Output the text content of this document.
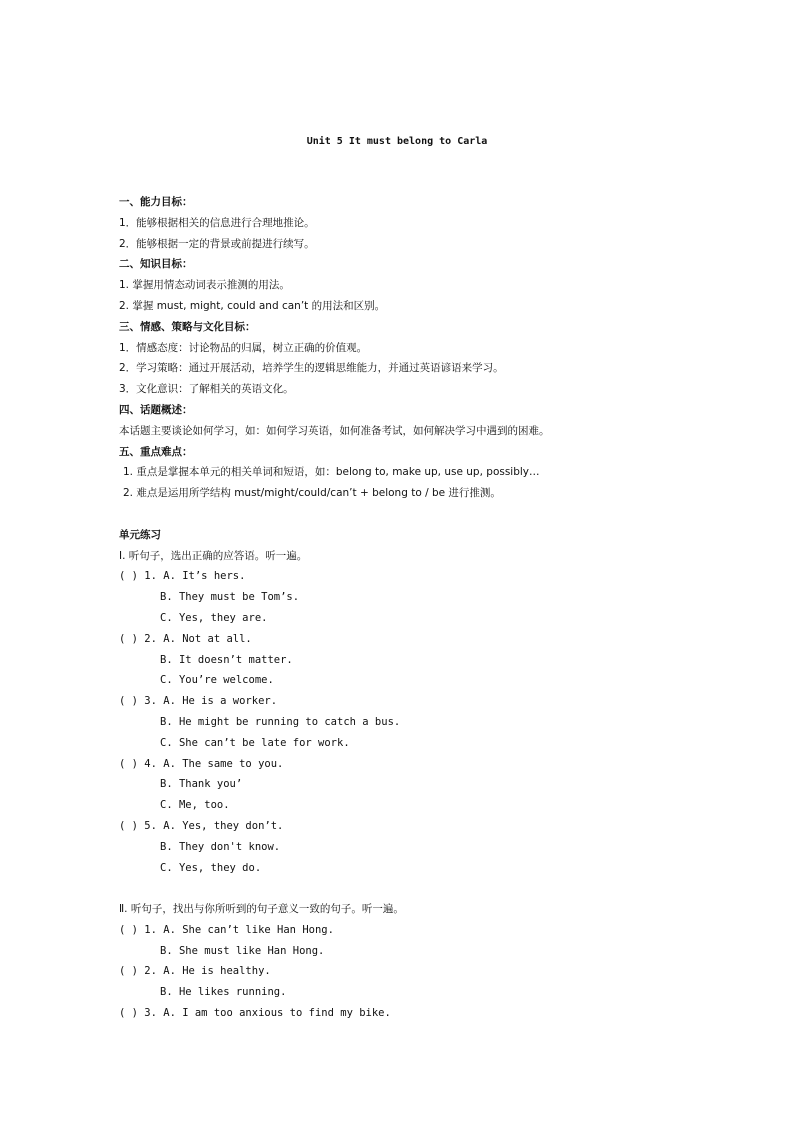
Unit 5 It must belong to Carla
一、能力目标：
1．能够根据相关的信息进行合理地推论。
2．能够根据一定的背景或前提进行续写。
二、知识目标：
1. 掌握用情态动词表示推测的用法。
2. 掌握 must, might, could and can’t 的用法和区别。
三、情感、策略与文化目标：
1．情感态度：讨论物品的归属，树立正确的价值观。
2．学习策略：通过开展活动，培养学生的逻辑思维能力，并通过英语谚语来学习。
3．文化意识：了解相关的英语文化。
四、话题概述：
本话题主要谈论如何学习，如：如何学习英语，如何准备考试，如何解决学习中遇到的困难。
五、重点难点：
1. 重点是掌握本单元的相关单词和短语，如：belong to, make up, use up, possibly…
2. 难点是运用所学结构 must/might/could/can’t + belong to / be 进行推测。
单元练习
Ⅰ. 听句子，选出正确的应答语。听一遍。
( ) 1. A. It’s hers.
B. They must be Tom’s.
C. Yes, they are.
( ) 2. A. Not at all.
B. It doesn’t matter.
C. You’re welcome.
( ) 3. A. He is a worker.
B. He might be running to catch a bus.
C. She can’t be late for work.
( ) 4. A. The same to you.
B. Thank you’
C. Me, too.
( ) 5. A. Yes, they don’t.
B. They don't know.
C. Yes, they do.
Ⅱ. 听句子，找出与你所听到的句子意义一致的句子。听一遍。
( ) 1. A. She can’t like Han Hong.
B. She must like Han Hong.
( ) 2. A. He is healthy.
B. He likes running.
( ) 3. A. I am too anxious to find my bike.
